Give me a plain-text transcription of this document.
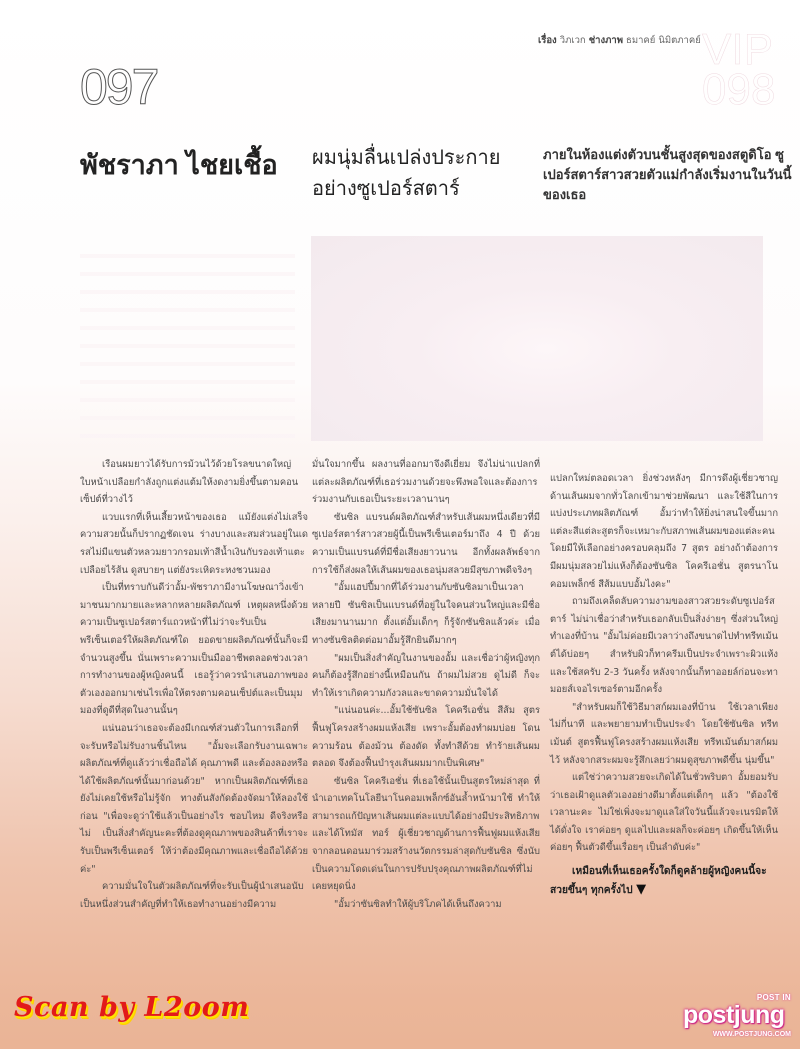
VIP 098
เรื่อง วิภเวก ช่างภาพ ธมาคย์ นิมิตภาคย์
097
พัชราภา ไชยเชื้อ ผมนุ่มลื่นเปล่งประกายอย่างซูเปอร์สตาร์
ภายในห้องแต่งตัวบนชั้นสูงสุดของสตูดิโอ ซูเปอร์สตาร์สาวสวยตัวแม่กำลังเริ่มงานในวันนี้ของเธอ

เรือนผมยาวได้รับการม้วนไว้ด้วยโรลขนาดใหญ่ ใบหน้าเปลือยกำลังถูกแต่งแต้มให้งดงามยิ่งขึ้นตามคอนเซ็ปต์ที่วางไว้

แวบแรกที่เห็นเสี้ยวหน้าของเธอ แม้ยังแต่งไม่เสร็จ ความสวยนั้นก็ปรากฏชัดเจน ร่างบางและสมส่วนอยู่ในเดรสไม่มีแขนตัวหลวมยาวกรอมเท้าสีน้ำเงินกับรองเท้าแตะเปลือยไร้ส้น ดูสบายๆ แต่ยังระเหิดระหงชวนมอง

เป็นที่ทราบกันดีว่าอั้ม-พัชราภามีงานโฆษณาวิ่งเข้ามาชนมากมายและหลากหลายผลิตภัณฑ์ เหตุผลหนึ่งด้วยความเป็นซูเปอร์สตาร์แถวหน้าที่ไม่ว่าจะรับเป็นพรีเซ็นเตอร์ให้ผลิตภัณฑ์ใด ยอดขายผลิตภัณฑ์นั้นก็จะมีจำนวนสูงขึ้น นั่นเพราะความเป็นมืออาชีพตลอดช่วงเวลาการทำงานของผู้หญิงคนนี้ เธอรู้ว่าควรนำเสนอภาพของตัวเองออกมาเช่นไรเพื่อให้ตรงตามคอนเซ็ปต์และเป็นมุมมองที่ดูดีที่สุดในงานนั้นๆ

แน่นอนว่าเธอจะต้องมีเกณฑ์ส่วนตัวในการเลือกที่จะรับหรือไม่รับงานชิ้นไหน "อั้มจะเลือกรับงานเฉพาะผลิตภัณฑ์ที่ดูแล้วว่าเชื่อถือได้ คุณภาพดี และต้องลองหรือได้ใช้ผลิตภัณฑ์นั้นมาก่อนด้วย" หากเป็นผลิตภัณฑ์ที่เธอยังไม่เคยใช้หรือไม่รู้จัก ทางต้นสังกัดต้องจัดมาให้ลองใช้ก่อน "เพื่อจะดูว่าใช้แล้วเป็นอย่างไร ชอบไหม ดีจริงหรือไม่ เป็นสิ่งสำคัญนะคะที่ต้องดูคุณภาพของสินค้าที่เราจะรับเป็นพรีเซ็นเตอร์ ให้ว่าต้องมีคุณภาพและเชื่อถือได้ด้วยค่ะ"

ความมั่นใจในตัวผลิตภัณฑ์ที่จะรับเป็นผู้นำเสนอนับเป็นหนึ่งส่วนสำคัญที่ทำให้เธอทำงานอย่างมีความ

มั่นใจมากขึ้น ผลงานที่ออกมาจึงดีเยี่ยม จึงไม่น่าแปลกที่แต่ละผลิตภัณฑ์ที่เธอร่วมงานด้วยจะพึงพอใจและต้องการร่วมงานกับเธอเป็นระยะเวลานานๆ

ซันซิล แบรนด์ผลิตภัณฑ์สำหรับเส้นผมหนึ่งเดียวที่มีซูเปอร์สตาร์สาวสวยผู้นี้เป็นพรีเซ็นเตอร์มาถึง 4 ปี ด้วยความเป็นแบรนด์ที่มีชื่อเสียงยาวนาน อีกทั้งผลลัพธ์จากการใช้ก็ส่งผลให้เส้นผมของเธอนุ่มสลวยมีสุขภาพดีจริงๆ

"อั้มแฮปปี้มากที่ได้ร่วมงานกับซันซิลมาเป็นเวลาหลายปี ซันซิลเป็นแบรนด์ที่อยู่ในใจคนส่วนใหญ่และมีชื่อเสียงมานานมาก ตั้งแต่อั้มเด็กๆ ก็รู้จักซันซิลแล้วค่ะ เมื่อทางซันซิลติดต่อมาอั้มรู้สึกยินดีมากๆ

"ผมเป็นสิ่งสำคัญในงานของอั้ม และเชื่อว่าผู้หญิงทุกคนก็ต้องรู้สึกอย่างนี้เหมือนกัน ถ้าผมไม่สวย ดูไม่ดี ก็จะทำให้เราเกิดความกังวลและขาดความมั่นใจได้

"แน่นอนค่ะ...อั้มใช้ซันซิล โคครีเอชั่น สีส้ม สูตรฟื้นฟูโครงสร้างผมแห้งเสีย เพราะอั้มต้องทำผมบ่อย โดนความร้อน ต้องม้วน ต้องดัด ทั้งทำสีด้วย ทำร้ายเส้นผมตลอด จึงต้องฟื้นบำรุงเส้นผมมากเป็นพิเศษ"

ซันซิล โคครีเอชั่น ที่เธอใช้นั้นเป็นสูตรใหม่ล่าสุด ที่นำเอาเทคโนโลยีนาโนคอมเพล็กซ์อันล้ำหน้ามาใช้ ทำให้สามารถแก้ปัญหาเส้นผมแต่ละแบบได้อย่างมีประสิทธิภาพ และได้โทมัส ทอร์ ผู้เชี่ยวชาญด้านการฟื้นฟูผมแห้งเสียจากลอนดอนมาร่วมสร้างนวัตกรรมล่าสุดกับซันซิล ซึ่งนับเป็นความโดดเด่นในการปรับปรุงคุณภาพผลิตภัณฑ์ที่ไม่เคยหยุดนิ่ง

"อั้มว่าซันซิลทำให้ผู้บริโภคได้เห็นถึงความ

แปลกใหม่ตลอดเวลา ยิ่งช่วงหลังๆ มีการดึงผู้เชี่ยวชาญด้านเส้นผมจากทั่วโลกเข้ามาช่วยพัฒนา และใช้สีในการแบ่งประเภทผลิตภัณฑ์ อั้มว่าทำให้ยิ่งน่าสนใจขึ้นมาก แต่ละสีแต่ละสูตรก็จะเหมาะกับสภาพเส้นผมของแต่ละคน โดยมีให้เลือกอย่างครอบคลุมถึง 7 สูตร อย่างถ้าต้องการมีผมนุ่มสลวยไม่แห้งก็ต้องซันซิล โคครีเอชั่น สูตรนาโนคอมเพล็กซ์ สีส้มแบบอั้มไงคะ"

ถามถึงเคล็ดลับความงามของสาวสวยระดับซูเปอร์สตาร์ ไม่น่าเชื่อว่าสำหรับเธอกลับเป็นสิ่งง่ายๆ ซึ่งส่วนใหญ่ทำเองที่บ้าน "อั้มไม่ค่อยมีเวลาว่างถึงขนาดไปทำทรีทเม้นต์ได้บ่อยๆ สำหรับผิวก็ทาครีมเป็นประจำเพราะผิวแห้ง และใช้สครับ 2-3 วันครั้ง หลังจากนั้นก็ทาออยล์ก่อนจะทามอยส์เจอไรเซอร์ตามอีกครั้ง

"สำหรับผมก็ใช้วิธีมาสก์ผมเองที่บ้าน ใช้เวลาเพียงไม่กี่นาที และพยายามทำเป็นประจำ โดยใช้ซันซิล ทรีทเม้นต์ สูตรฟื้นฟูโครงสร้างผมแห้งเสีย ทรีทเม้นต์มาสก์ผมไว้ หลังจากสระผมจะรู้สึกเลยว่าผมดูสุขภาพดีขึ้น นุ่มขึ้น"

แต่ใช่ว่าความสวยจะเกิดได้ในชั่วพริบตา อั้มยอมรับว่าเธอเฝ้าดูแลตัวเองอย่างดีมาตั้งแต่เด็กๆ แล้ว "ต้องใช้เวลานะคะ ไม่ใช่เพิ่งจะมาดูแลใส่ใจวันนี้แล้วจะเนรมิตให้ได้ดั่งใจ เราค่อยๆ ดูแลไปและผลก็จะค่อยๆ เกิดขึ้นให้เห็น ค่อยๆ ฟื้นตัวดีขึ้นเรื่อยๆ เป็นลำดับค่ะ"

เหมือนที่เห็นเธอครั้งใดก็ดูคล้ายผู้หญิงคนนี้จะสวยขึ้นๆ ทุกครั้งไป ▼

Scan by L2oom	POST IN
postjung
WWW.POSTJUNG.COM
